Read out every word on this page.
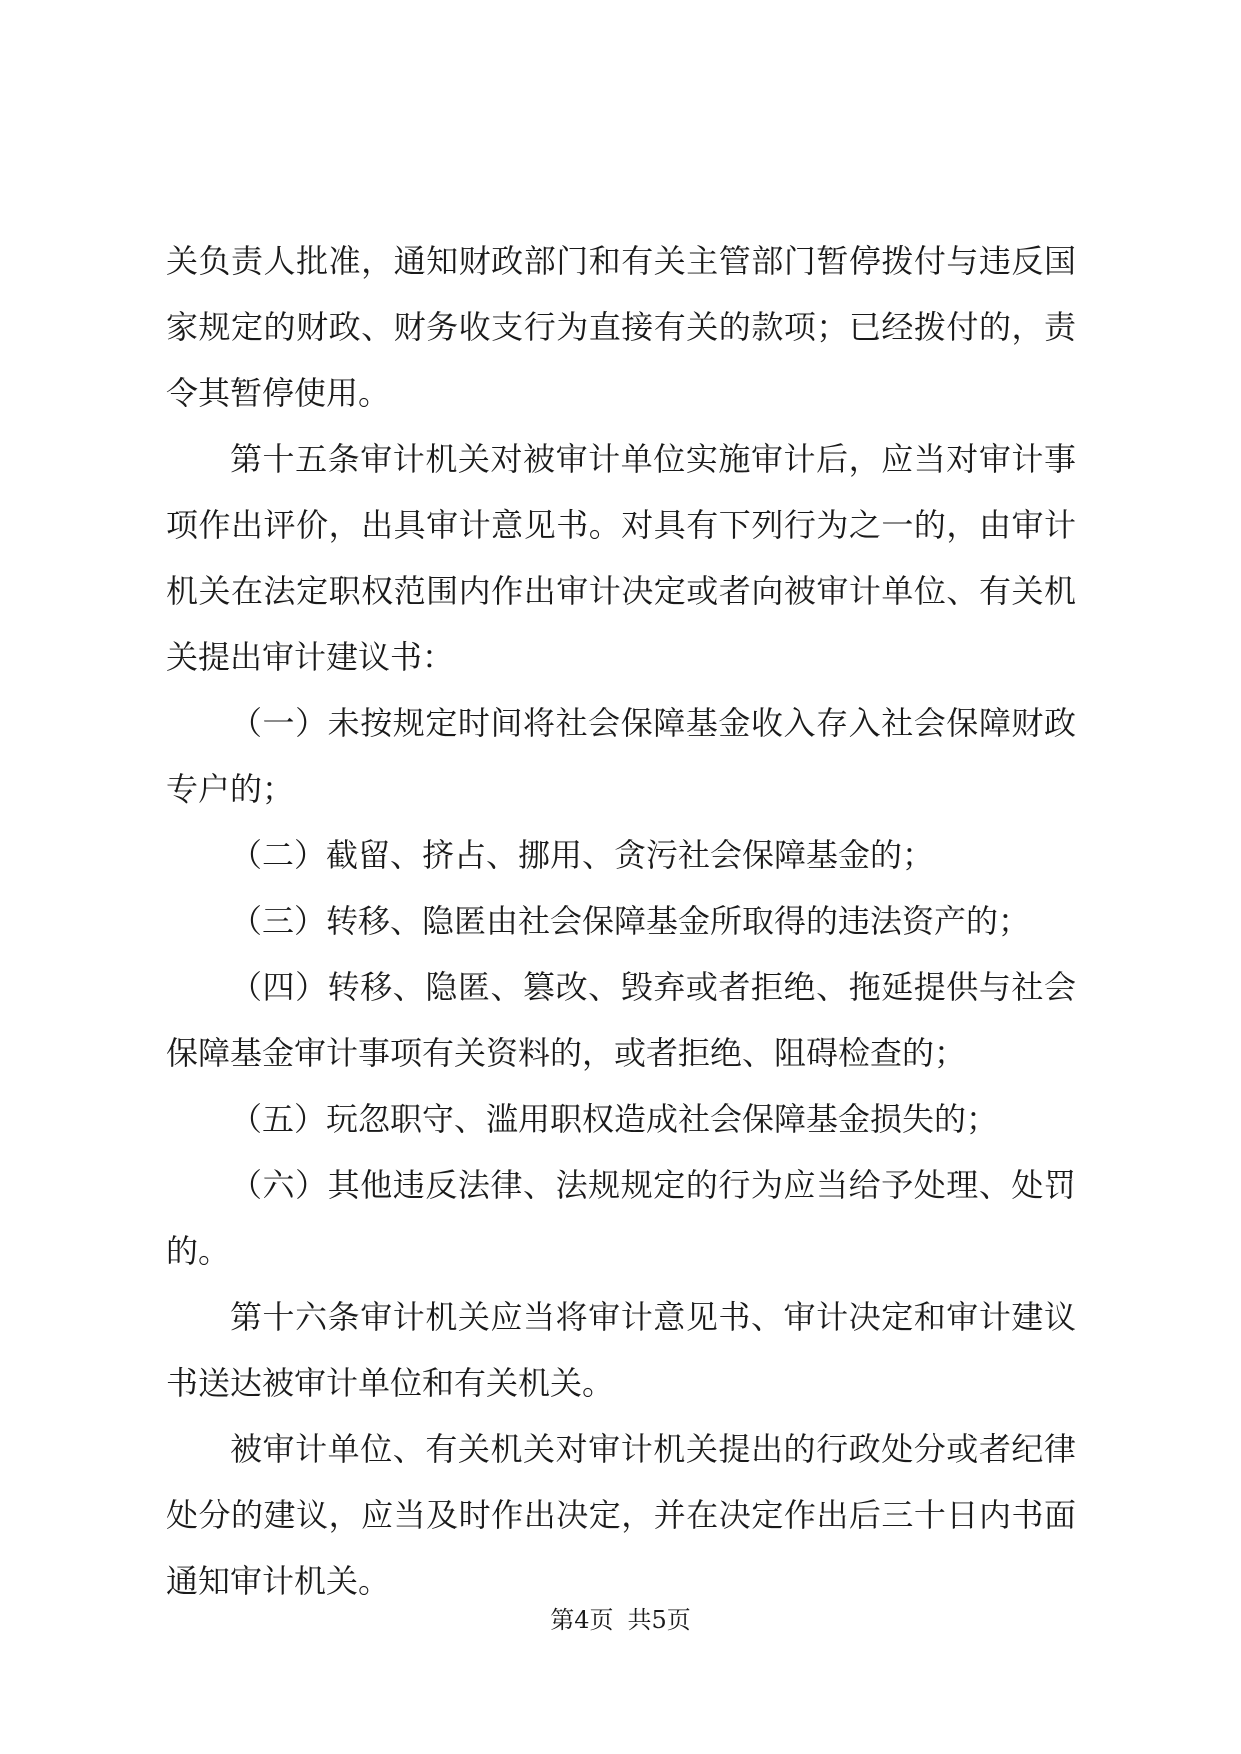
关负责人批准，通知财政部门和有关主管部门暂停拨付与违反国家规定的财政、财务收支行为直接有关的款项；已经拨付的，责令其暂停使用。

第十五条审计机关对被审计单位实施审计后，应当对审计事项作出评价，出具审计意见书。对具有下列行为之一的，由审计机关在法定职权范围内作出审计决定或者向被审计单位、有关机关提出审计建议书：

（一）未按规定时间将社会保障基金收入存入社会保障财政专户的；

（二）截留、挤占、挪用、贪污社会保障基金的；

（三）转移、隐匿由社会保障基金所取得的违法资产的；

（四）转移、隐匿、篡改、毁弃或者拒绝、拖延提供与社会保障基金审计事项有关资料的，或者拒绝、阻碍检查的；

（五）玩忽职守、滥用职权造成社会保障基金损失的；

（六）其他违反法律、法规规定的行为应当给予处理、处罚的。

第十六条审计机关应当将审计意见书、审计决定和审计建议书送达被审计单位和有关机关。

被审计单位、有关机关对审计机关提出的行政处分或者纪律处分的建议，应当及时作出决定，并在决定作出后三十日内书面通知审计机关。

第4页 共5页
